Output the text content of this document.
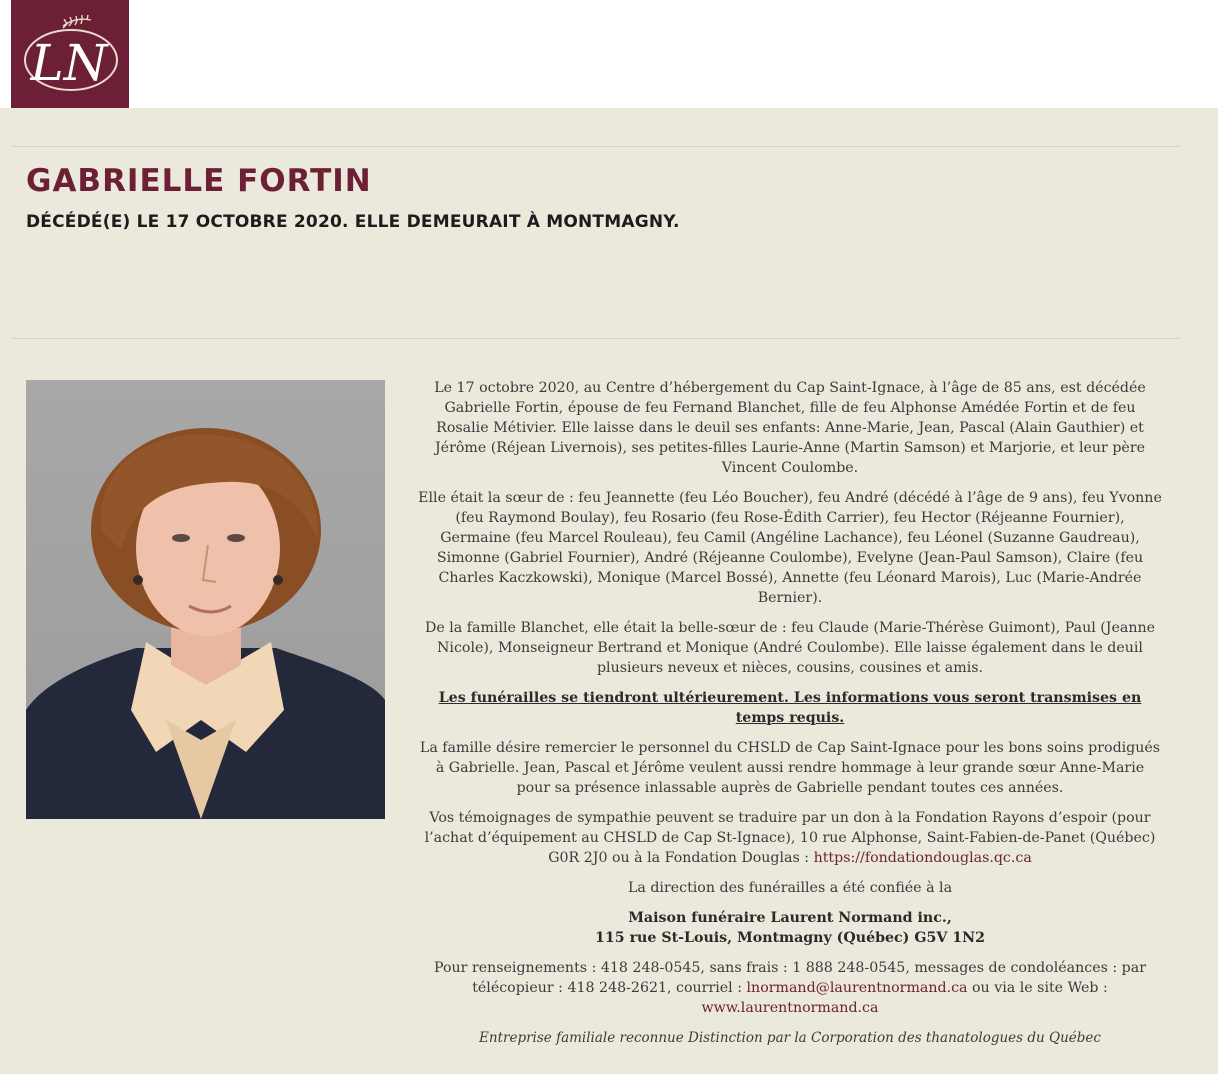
LN
GABRIELLE FORTIN
DÉCÉDÉ(E) LE 17 OCTOBRE 2020. ELLE DEMEURAIT À MONTMAGNY.

Le 17 octobre 2020, au Centre d’hébergement du Cap Saint-Ignace, à l’âge de 85 ans, est décédée Gabrielle Fortin, épouse de feu Fernand Blanchet, fille de feu Alphonse Amédée Fortin et de feu Rosalie Métivier. Elle laisse dans le deuil ses enfants: Anne-Marie, Jean, Pascal (Alain Gauthier) et Jérôme (Réjean Livernois), ses petites-filles Laurie-Anne (Martin Samson) et Marjorie, et leur père Vincent Coulombe.

Elle était la sœur de : feu Jeannette (feu Léo Boucher), feu André (décédé à l’âge de 9 ans), feu Yvonne (feu Raymond Boulay), feu Rosario (feu Rose-Édith Carrier), feu Hector (Réjeanne Fournier), Germaine (feu Marcel Rouleau), feu Camil (Angéline Lachance), feu Léonel (Suzanne Gaudreau), Simonne (Gabriel Fournier), André (Réjeanne Coulombe), Evelyne (Jean-Paul Samson), Claire (feu Charles Kaczkowski), Monique (Marcel Bossé), Annette (feu Léonard Marois), Luc (Marie-Andrée Bernier).

De la famille Blanchet, elle était la belle-sœur de : feu Claude (Marie-Thérèse Guimont), Paul (Jeanne Nicole), Monseigneur Bertrand et Monique (André Coulombe). Elle laisse également dans le deuil plusieurs neveux et nièces, cousins, cousines et amis.

Les funérailles se tiendront ultérieurement. Les informations vous seront transmises en temps requis.

La famille désire remercier le personnel du CHSLD de Cap Saint-Ignace pour les bons soins prodigués à Gabrielle. Jean, Pascal et Jérôme veulent aussi rendre hommage à leur grande sœur Anne-Marie pour sa présence inlassable auprès de Gabrielle pendant toutes ces années.

Vos témoignages de sympathie peuvent se traduire par un don à la Fondation Rayons d’espoir (pour l’achat d’équipement au CHSLD de Cap St-Ignace), 10 rue Alphonse, Saint-Fabien-de-Panet (Québec) G0R 2J0 ou à la Fondation Douglas : https://fondationdouglas.qc.ca

La direction des funérailles a été confiée à la

Maison funéraire Laurent Normand inc.,
115 rue St-Louis, Montmagny (Québec) G5V 1N2

Pour renseignements : 418 248-0545, sans frais : 1 888 248-0545, messages de condoléances : par télécopieur : 418 248-2621, courriel : lnormand@laurentnormand.ca ou via le site Web : www.laurentnormand.ca

Entreprise familiale reconnue Distinction par la Corporation des thanatologues du Québec
